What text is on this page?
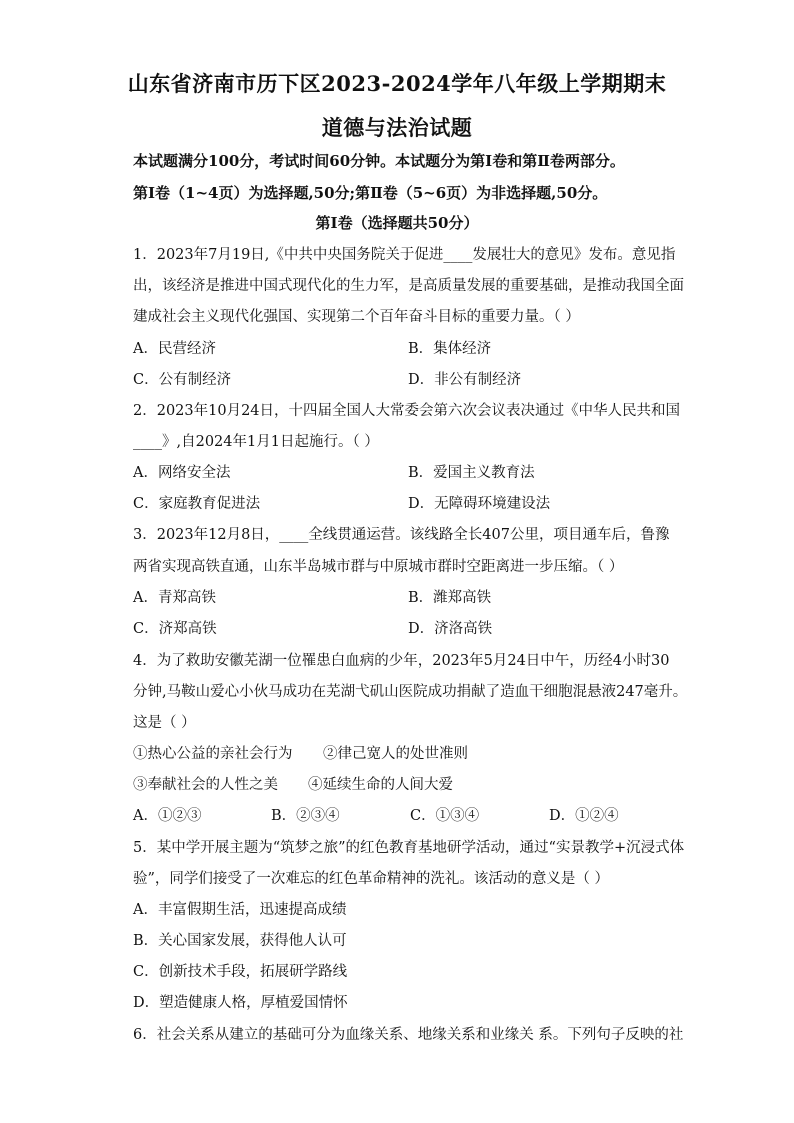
山东省济南市历下区2023-2024学年八年级上学期期末
道德与法治试题
本试题满分100分，考试时间60分钟。本试题分为第Ⅰ卷和第Ⅱ卷两部分。
第Ⅰ卷（1~4页）为选择题,50分;第Ⅱ卷（5~6页）为非选择题,50分。
第Ⅰ卷（选择题共50分）
1．2023年7月19日,《中共中央国务院关于促进____发展壮大的意见》发布。意见指
出，该经济是推进中国式现代化的生力军，是高质量发展的重要基础，是推动我国全面
建成社会主义现代化强国、实现第二个百年奋斗目标的重要力量。（ ）
A．民营经济	B．集体经济
C．公有制经济	D．非公有制经济
2．2023年10月24日，十四届全国人大常委会第六次会议表决通过《中华人民共和国
____》,自2024年1月1日起施行。（ ）
A．网络安全法	B．爱国主义教育法
C．家庭教育促进法	D．无障碍环境建设法
3．2023年12月8日，____全线贯通运营。该线路全长407公里，项目通车后，鲁豫
两省实现高铁直通，山东半岛城市群与中原城市群时空距离进一步压缩。（ ）
A．青郑高铁	B．潍郑高铁
C．济郑高铁	D．济洛高铁
4．为了救助安徽芜湖一位罹患白血病的少年，2023年5月24日中午，历经4小时30
分钟,马鞍山爱心小伙马成功在芜湖弋矶山医院成功捐献了造血干细胞混悬液247毫升。
这是（ ）
①热心公益的亲社会行为 ②律己宽人的处世准则
③奉献社会的人性之美 ④延续生命的人间大爱
A．①②③	B．②③④	C．①③④	D．①②④
5．某中学开展主题为“筑梦之旅”的红色教育基地研学活动，通过“实景教学+沉浸式体
验”，同学们接受了一次难忘的红色革命精神的洗礼。该活动的意义是（ ）
A．丰富假期生活，迅速提高成绩
B．关心国家发展，获得他人认可
C．创新技术手段，拓展研学路线
D．塑造健康人格，厚植爱国情怀
6．社会关系从建立的基础可分为血缘关系、地缘关系和业缘关 系。下列句子反映的社
